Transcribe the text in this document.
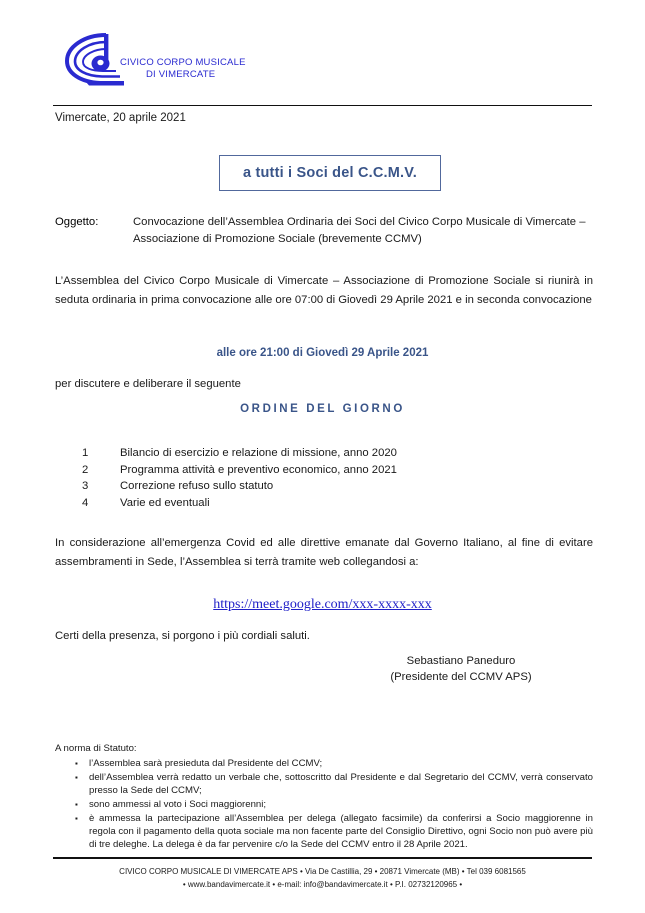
CIVICO CORPO MUSICALE
DI VIMERCATE
Vimercate, 20 aprile 2021
a tutti i Soci del C.C.M.V.
Oggetto:	Convocazione dell’Assemblea Ordinaria dei Soci del Civico Corpo Musicale di Vimercate – Associazione di Promozione Sociale (brevemente CCMV)
L’Assemblea del Civico Corpo Musicale di Vimercate – Associazione di Promozione Sociale si riunirà in seduta ordinaria in prima convocazione alle ore 07:00 di Giovedì 29 Aprile 2021 e in seconda convocazione
alle ore 21:00 di Giovedì 29 Aprile 2021
per discutere e deliberare il seguente
ORDINE DEL GIORNO
1	Bilancio di esercizio e relazione di missione, anno 2020
2	Programma attività e preventivo economico, anno 2021
3	Correzione refuso sullo statuto
4	Varie ed eventuali
In considerazione all’emergenza Covid ed alle direttive emanate dal Governo Italiano, al fine di evitare assembramenti in Sede, l’Assemblea si terrà tramite web collegandosi a:
https://meet.google.com/xxx-xxxx-xxx
Certi della presenza, si porgono i più cordiali saluti.
Sebastiano Paneduro
(Presidente del CCMV APS)
A norma di Statuto:
▪	l’Assemblea sarà presieduta dal Presidente del CCMV;
▪	dell’Assemblea verrà redatto un verbale che, sottoscritto dal Presidente e dal Segretario del CCMV, verrà conservato presso la Sede del CCMV;
▪	sono ammessi al voto i Soci maggiorenni;
▪	è ammessa la partecipazione all’Assemblea per delega (allegato facsimile) da conferirsi a Socio maggiorenne in regola con il pagamento della quota sociale ma non facente parte del Consiglio Direttivo, ogni Socio non può avere più di tre deleghe. La delega è da far pervenire c/o la Sede del CCMV entro il 28 Aprile 2021.
CIVICO CORPO MUSICALE DI VIMERCATE APS • Via De Castillia, 29 • 20871 Vimercate (MB) • Tel 039 6081565
• www.bandavimercate.it • e-mail: info@bandavimercate.it • P.I. 02732120965 •
